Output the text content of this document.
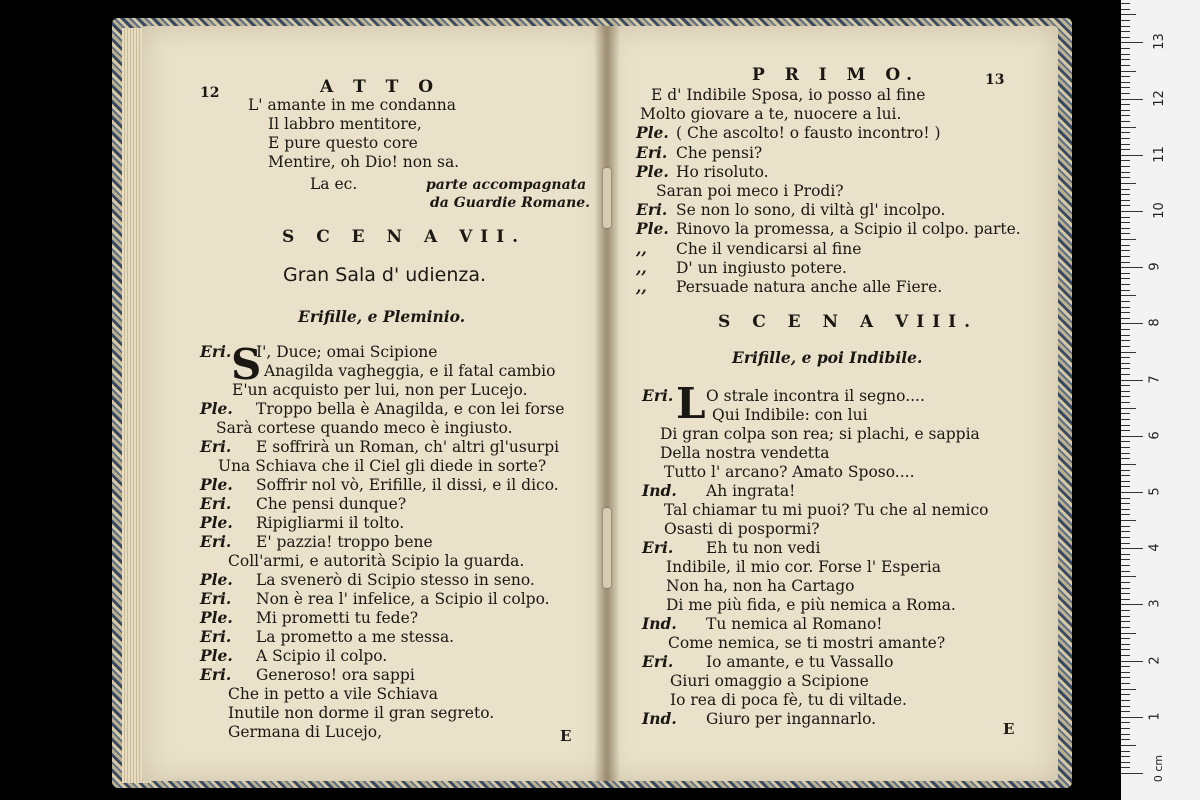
12	A T T O
L' amante in me condanna
Il labbro mentitore,
E pure questo core
Mentire, oh Dio! non sa.
La ec.	parte accompagnata
da Guardie Romane.
S C E N A VII.
Gran Sala d' udienza.
Erifille, e Pleminio.
S
Eri. I', Duce; omai Scipione
Anagilda vagheggia, e il fatal cambio
E'un acquisto per lui, non per Lucejo.
Ple. Troppo bella è Anagilda, e con lei forse
Sarà cortese quando meco è ingiusto.
Eri. E soffrirà un Roman, ch' altri gl'usurpi
Una Schiava che il Ciel gli diede in sorte?
Ple. Soffrir nol vò, Erifille, il dissi, e il dico.
Eri. Che pensi dunque?
Ple. Ripigliarmi il tolto.
Eri. E' pazzia! troppo bene
Coll'armi, e autorità Scipio la guarda.
Ple. La svenerò di Scipio stesso in seno.
Eri. Non è rea l' infelice, a Scipio il colpo.
Ple. Mi prometti tu fede?
Eri. La prometto a me stessa.
Ple. A Scipio il colpo.
Eri. Generoso! ora sappi
Che in petto a vile Schiava
Inutile non dorme il gran segreto.
Germana di Lucejo,	E
P R I M O.	13
E d' Indibile Sposa, io posso al fine
Molto giovare a te, nuocere a lui.
Ple. ( Che ascolto! o fausto incontro! )
Eri. Che pensi?
Ple. Ho risoluto.
Saran poi meco i Prodi?
Eri. Se non lo sono, di viltà gl' incolpo.
Ple. Rinovo la promessa, a Scipio il colpo. parte.
,, Che il vendicarsi al fine
,, D' un ingiusto potere.
,, Persuade natura anche alle Fiere.
S C E N A VIII.
Erifille, e poi Indibile.
L
Eri. O strale incontra il segno....
Qui Indibile: con lui
Di gran colpa son rea; si plachi, e sappia
Della nostra vendetta
Tutto l' arcano? Amato Sposo....
Ind. Ah ingrata!
Tal chiamar tu mi puoi? Tu che al nemico
Osasti di pospormi?
Eri. Eh tu non vedi
Indibile, il mio cor. Forse l' Esperia
Non ha, non ha Cartago
Di me più fida, e più nemica a Roma.
Ind. Tu nemica al Romano!
Come nemica, se ti mostri amante?
Eri. Io amante, e tu Vassallo
Giuri omaggio a Scipione
Io rea di poca fè, tu di viltade.
Ind. Giuro per ingannarlo.
E
1
2
3
4
5
6
7
8
9
10
11
12
13
0 cm
